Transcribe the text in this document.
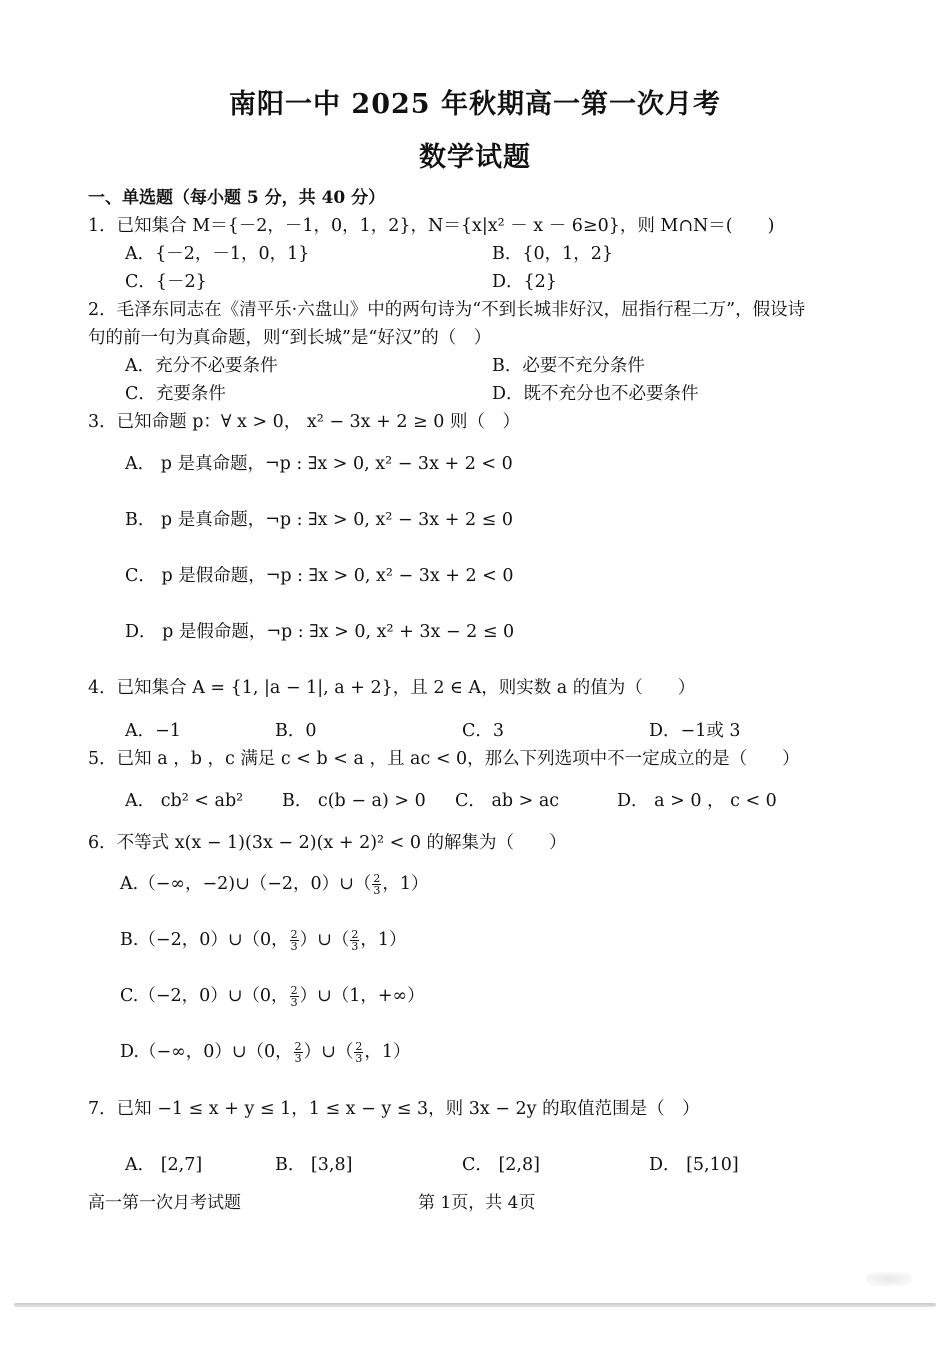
南阳一中 2025 年秋期高一第一次月考
数学试题
一、单选题（每小题 5 分，共 40 分）
1．已知集合 M＝{－2，－1，0，1，2}，N＝{x|x² － x － 6≥0}，则 M∩N＝(　　)
A．{－2，－1，0，1}	B．{0，1，2}
C．{－2}	D．{2}
2．毛泽东同志在《清平乐·六盘山》中的两句诗为“不到长城非好汉，屈指行程二万”，假设诗
句的前一句为真命题，则“到长城”是“好汉”的（　）
A．充分不必要条件	B．必要不充分条件
C．充要条件	D．既不充分也不必要条件
3．已知命题 p：∀ x > 0， x² − 3x + 2 ≥ 0 则（　）
A． p 是真命题，¬p : ∃x > 0, x² − 3x + 2 < 0
B． p 是真命题，¬p : ∃x > 0, x² − 3x + 2 ≤ 0
C． p 是假命题，¬p : ∃x > 0, x² − 3x + 2 < 0
D． p 是假命题，¬p : ∃x > 0, x² + 3x − 2 ≤ 0
4．已知集合 A = {1, |a − 1|, a + 2}，且 2 ∈ A，则实数 a 的值为（　　）
A．−1	B．0	C．3	D．−1或 3
5．已知 a ，b ，c 满足 c < b < a ，且 ac < 0，那么下列选项中不一定成立的是（　　）
A． cb² < ab² B． c(b − a) > 0 C． ab > ac	D． a > 0 ， c < 0
6．不等式 x(x − 1)(3x − 2)(x + 2)² < 0 的解集为（　　）
A.（−∞，−2)∪（−2，0）∪（ $\frac{2}{3}$ ，1）
B.（−2，0）∪（0， $\frac{2}{3}$ ）∪（ $\frac{2}{3}$ ，1）
C.（−2，0）∪（0， $\frac{2}{3}$ ）∪（1，+∞）
D.（−∞，0）∪（0， $\frac{2}{3}$ ）∪（ $\frac{2}{3}$ ，1）
7．已知 −1 ≤ x + y ≤ 1，1 ≤ x − y ≤ 3，则 3x − 2y 的取值范围是（　）
A． [2,7]	B． [3,8]	C． [2,8]	D． [5,10]
高一第一次月考试题	第 1页，共 4页
